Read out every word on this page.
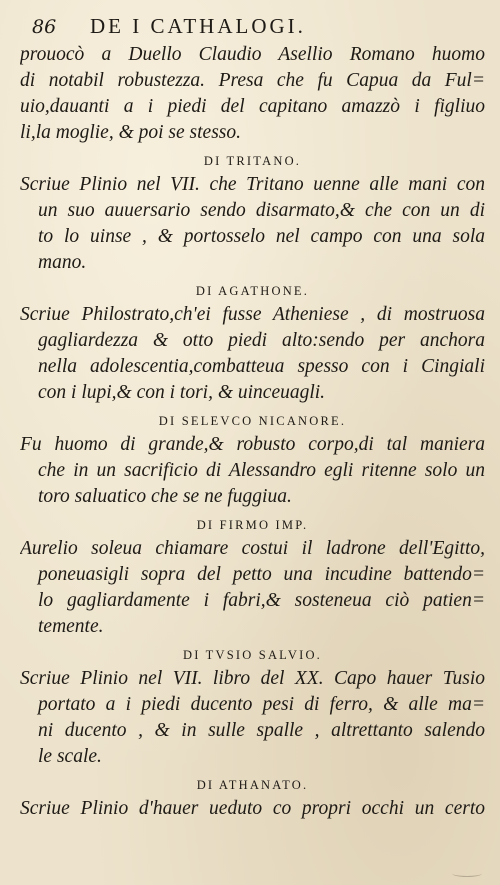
86 DE I CATHALOGI.
prouocò a Duello Claudio Asellio Romano huomo
di notabil robustezza. Presa che fu Capua da Ful=
uio,dauanti a i piedi del capitano amazzò i figliuo
li,la moglie, & poi se stesso.
DI TRITANO.
Scriue Plinio nel VII. che Tritano uenne alle mani con
un suo auuersario sendo disarmato,& che con un di
to lo uinse , & portosselo nel campo con una sola
mano.
DI AGATHONE.
Scriue Philostrato,ch'ei fusse Atheniese , di mostruosa
gagliardezza & otto piedi alto:sendo per anchora
nella adolescentia,combatteua spesso con i Cingiali
con i lupi,& con i tori, & uinceuagli.
DI SELEVCO NICANORE.
Fu huomo di grande,& robusto corpo,di tal maniera
che in un sacrificio di Alessandro egli ritenne solo un
toro saluatico che se ne fuggiua.
DI FIRMO IMP.
Aurelio soleua chiamare costui il ladrone dell'Egitto,
poneuasigli sopra del petto una incudine battendo=
lo gagliardamente i fabri,& sosteneua ciò patien=
temente.
DI TVSIO SALVIO.
Scriue Plinio nel VII. libro del XX. Capo hauer Tusio
portato a i piedi ducento pesi di ferro, & alle ma=
ni ducento , & in sulle spalle , altrettanto salendo
le scale.
DI ATHANATO.
Scriue Plinio d'hauer ueduto co propri occhi un certo
